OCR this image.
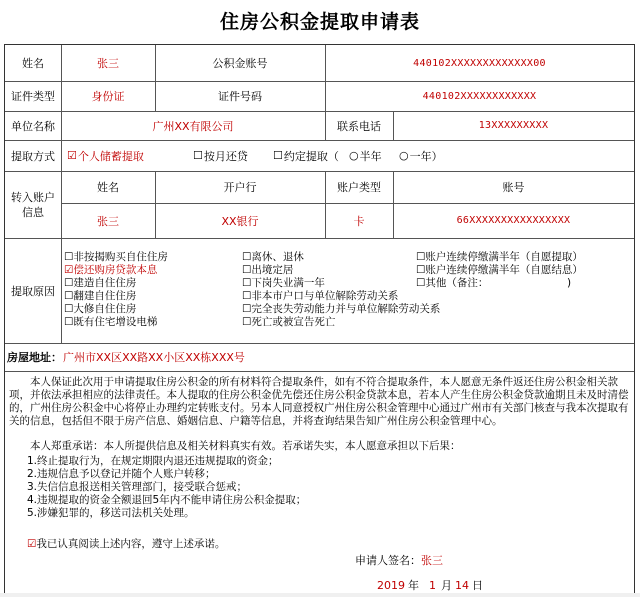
住房公积金提取申请表
姓名	张三	公积金账号	440102XXXXXXXXXXXXX00
证件类型	身份证	证件号码	440102XXXXXXXXXXXX
单位名称	广州XX有限公司	联系电话	13XXXXXXXXX
提取方式	☑ 个人储蓄提取	☐ 按月还贷 ☐ 约定提取（ ○ 半年 ○ 一年）
转入账户信息
姓名	开户行	账户类型	账号
张三	XX银行	卡	66XXXXXXXXXXXXXXXX
提取原因
☐非按揭购买自住住房
☑偿还购房贷款本息
☐建造自住住房
☐翻建自住住房
☐大修自住住房
☐既有住宅增设电梯
☐离休、退休
☐出境定居
☐下岗失业满一年
☐非本市户口与单位解除劳动关系
☐完全丧失劳动能力并与单位解除劳动关系
☐死亡或被宣告死亡
☐账户连续停缴满半年（自愿提取）
☐账户连续停缴满半年（自愿结息）
☐其他（备注：	)
房屋地址： 广州市XX区XX路XX小区XX栋XXX号
　　本人保证此次用于申请提取住房公积金的所有材料符合提取条件，如有不符合提取条件，本人愿意无条件返还住房公积金相关款项，并依法承担相应的法律责任。本人提取的住房公积金优先偿还住房公积金贷款本息，若本人产生住房公积金贷款逾期且未及时清偿的，广州住房公积金中心将停止办理约定转账支付。另本人同意授权广州住房公积金管理中心通过广州市有关部门核查与我本次提取有关的信息，包括但不限于房产信息、婚姻信息、户籍等信息，并将查询结果告知广州住房公积金管理中心。
　　本人郑重承诺：本人所提供信息及相关材料真实有效。若承诺失实，本人愿意承担以下后果：
1.终止提取行为，在规定期限内退还违规提取的资金；
2.违规信息予以登记并随个人账户转移；
3.失信信息报送相关管理部门，接受联合惩戒；
4.违规提取的资金全额退回5年内不能申请住房公积金提取；
5.涉嫌犯罪的，移送司法机关处理。
☑我已认真阅读上述内容，遵守上述承诺。
申请人签名： 张三
2019 年 1 月 14 日
